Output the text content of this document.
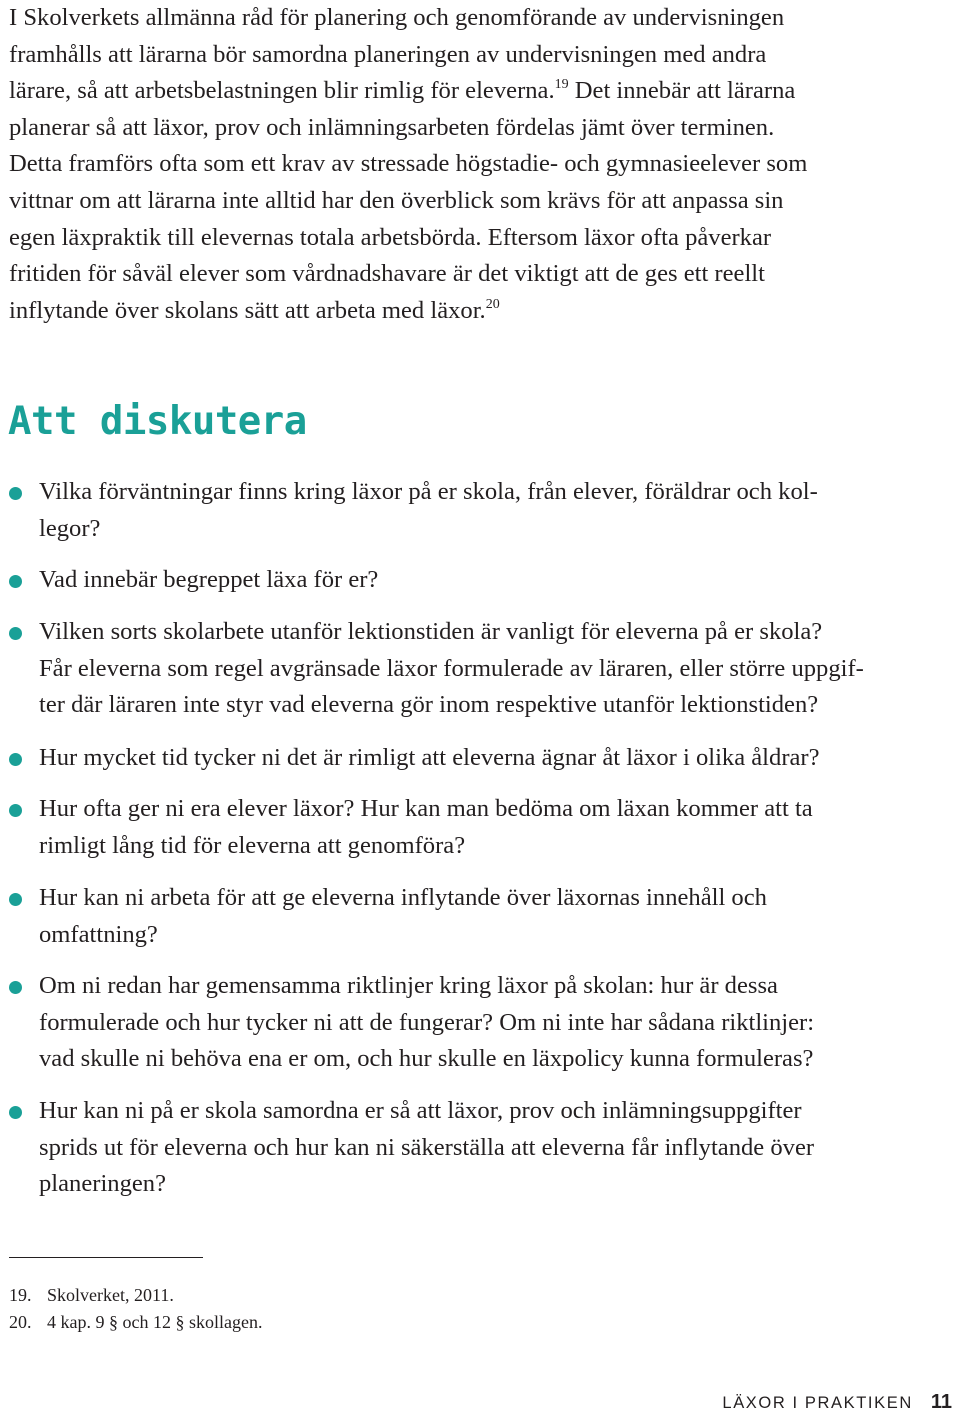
I Skolverkets allmänna råd för planering och genomförande av undervisningen
framhålls att lärarna bör samordna planeringen av undervisningen med andra
lärare, så att arbetsbelastningen blir rimlig för eleverna.$^{19}$ Det innebär att lärarna
planerar så att läxor, prov och inlämningsarbeten fördelas jämt över terminen.
Detta framförs ofta som ett krav av stressade högstadie- och gymnasieelever som
vittnar om att lärarna inte alltid har den överblick som krävs för att anpassa sin
egen läxpraktik till elevernas totala arbetsbörda. Eftersom läxor ofta påverkar
fritiden för såväl elever som vårdnadshavare är det viktigt att de ges ett reellt
inflytande över skolans sätt att arbeta med läxor.$^{20}$
Att diskutera
Vilka förväntningar finns kring läxor på er skola, från elever, föräldrar och kol-
legor?
Vad innebär begreppet läxa för er?
Vilken sorts skolarbete utanför lektionstiden är vanligt för eleverna på er skola?
Får eleverna som regel avgränsade läxor formulerade av läraren, eller större uppgif-
ter där läraren inte styr vad eleverna gör inom respektive utanför lektionstiden?
Hur mycket tid tycker ni det är rimligt att eleverna ägnar åt läxor i olika åldrar?
Hur ofta ger ni era elever läxor? Hur kan man bedöma om läxan kommer att ta
rimligt lång tid för eleverna att genomföra?
Hur kan ni arbeta för att ge eleverna inflytande över läxornas innehåll och
omfattning?
Om ni redan har gemensamma riktlinjer kring läxor på skolan: hur är dessa
formulerade och hur tycker ni att de fungerar? Om ni inte har sådana riktlinjer:
vad skulle ni behöva ena er om, och hur skulle en läxpolicy kunna formuleras?
Hur kan ni på er skola samordna er så att läxor, prov och inlämningsuppgifter
sprids ut för eleverna och hur kan ni säkerställa att eleverna får inflytande över
planeringen?
19. Skolverket, 2011.
20. 4 kap. 9 § och 12 § skollagen.
LÄXOR I PRAKTIKEN 11
